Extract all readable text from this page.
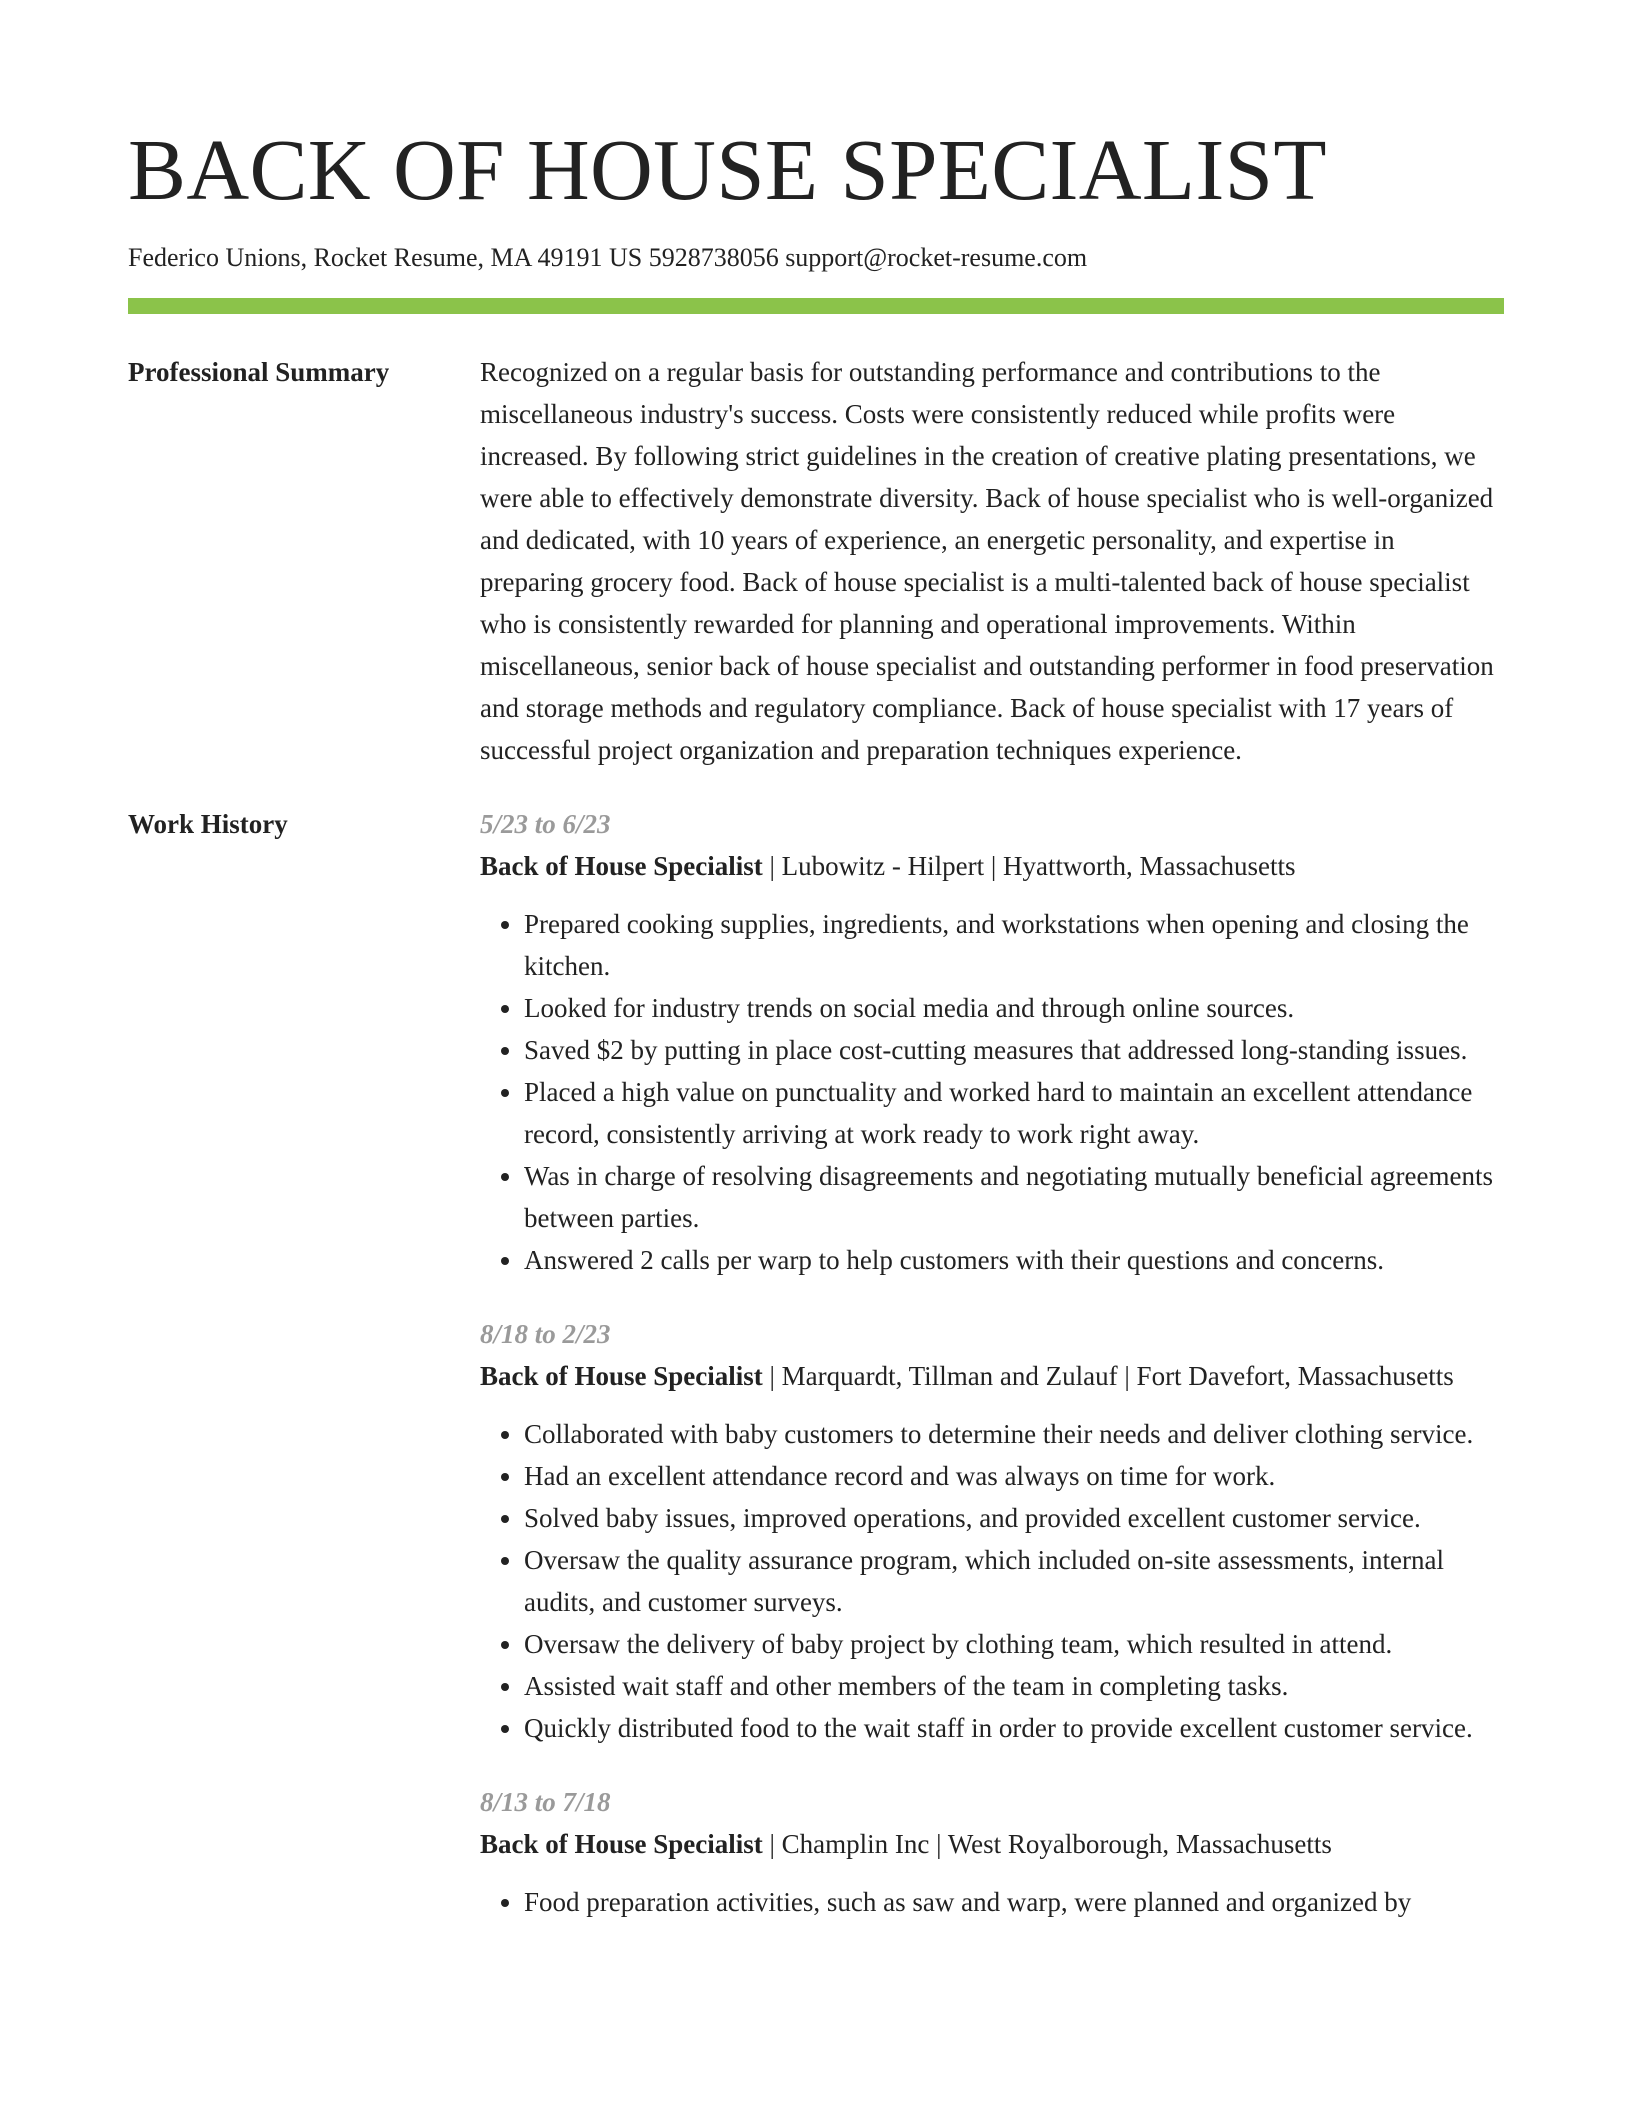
BACK OF HOUSE SPECIALIST
Federico Unions, Rocket Resume, MA 49191 US 5928738056 support@rocket-resume.com
Professional Summary	Recognized on a regular basis for outstanding performance and contributions to the miscellaneous industry's success. Costs were consistently reduced while profits were increased. By following strict guidelines in the creation of creative plating presentations, we were able to effectively demonstrate diversity. Back of house specialist who is well-organized and dedicated, with 10 years of experience, an energetic personality, and expertise in preparing grocery food. Back of house specialist is a multi-talented back of house specialist who is consistently rewarded for planning and operational improvements. Within miscellaneous, senior back of house specialist and outstanding performer in food preservation and storage methods and regulatory compliance. Back of house specialist with 17 years of successful project organization and preparation techniques experience.

Work History	5/23 to 6/23
Back of House Specialist | Lubowitz - Hilpert | Hyattworth, Massachusetts
• Prepared cooking supplies, ingredients, and workstations when opening and closing the kitchen.
• Looked for industry trends on social media and through online sources.
• Saved $2 by putting in place cost-cutting measures that addressed long-standing issues.
• Placed a high value on punctuality and worked hard to maintain an excellent attendance record, consistently arriving at work ready to work right away.
• Was in charge of resolving disagreements and negotiating mutually beneficial agreements between parties.
• Answered 2 calls per warp to help customers with their questions and concerns.
8/18 to 2/23
Back of House Specialist | Marquardt, Tillman and Zulauf | Fort Davefort, Massachusetts
• Collaborated with baby customers to determine their needs and deliver clothing service.
• Had an excellent attendance record and was always on time for work.
• Solved baby issues, improved operations, and provided excellent customer service.
• Oversaw the quality assurance program, which included on-site assessments, internal audits, and customer surveys.
• Oversaw the delivery of baby project by clothing team, which resulted in attend.
• Assisted wait staff and other members of the team in completing tasks.
• Quickly distributed food to the wait staff in order to provide excellent customer service.
8/13 to 7/18
Back of House Specialist | Champlin Inc | West Royalborough, Massachusetts
• Food preparation activities, such as saw and warp, were planned and organized by
